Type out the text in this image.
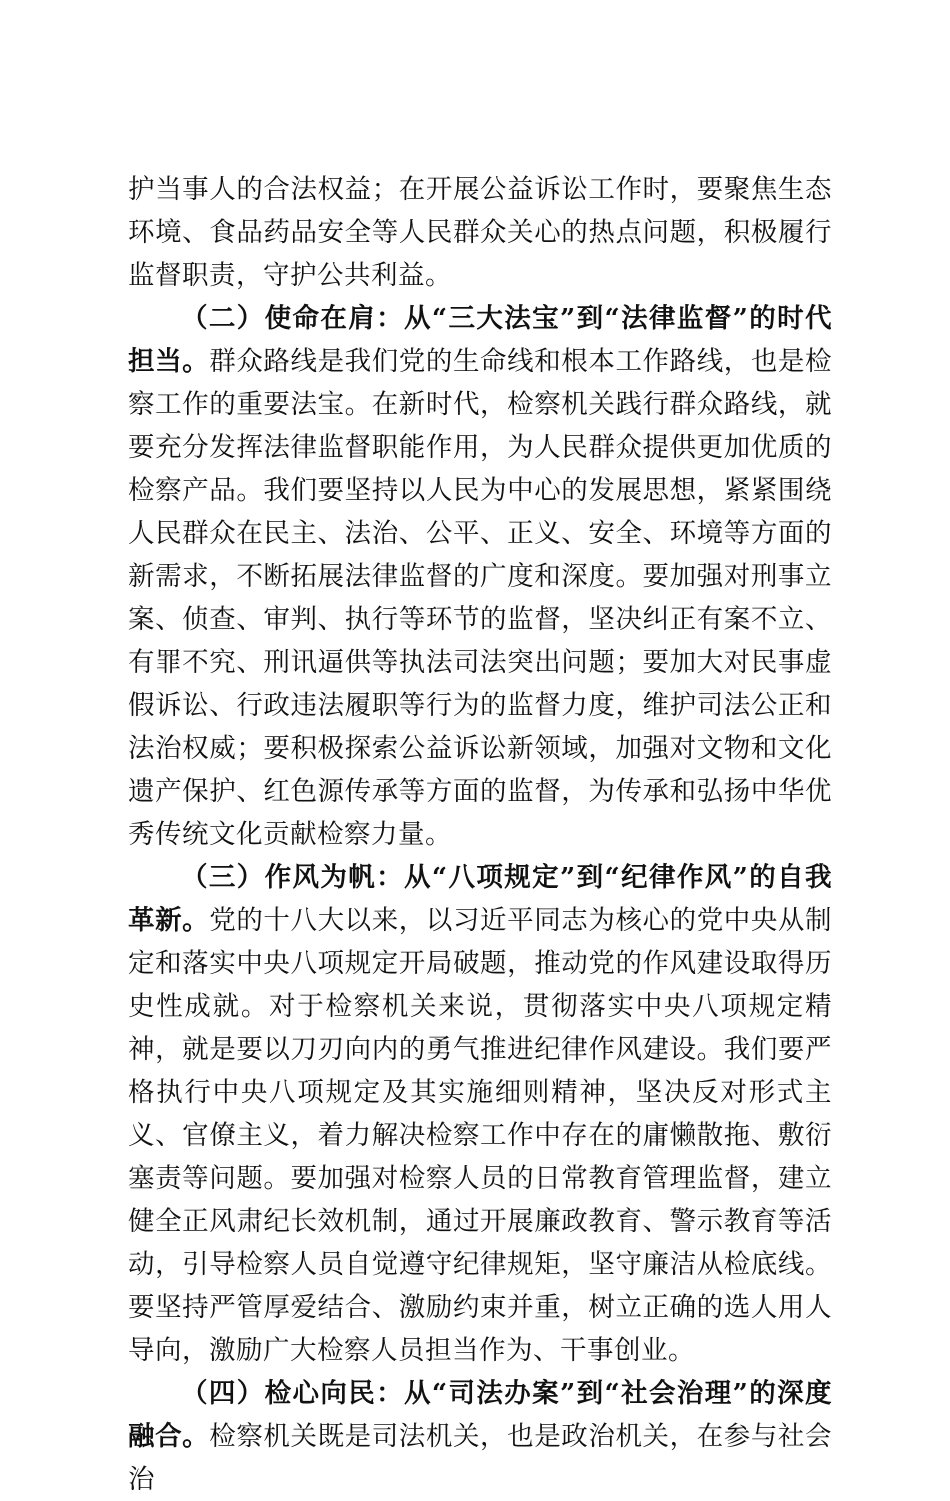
护当事人的合法权益；在开展公益诉讼工作时，要聚焦生态环境、食品药品安全等人民群众关心的热点问题，积极履行监督职责，守护公共利益。

（二）使命在肩：从“三大法宝”到“法律监督”的时代担当。群众路线是我们党的生命线和根本工作路线，也是检察工作的重要法宝。在新时代，检察机关践行群众路线，就要充分发挥法律监督职能作用，为人民群众提供更加优质的检察产品。我们要坚持以人民为中心的发展思想，紧紧围绕人民群众在民主、法治、公平、正义、安全、环境等方面的新需求，不断拓展法律监督的广度和深度。要加强对刑事立案、侦查、审判、执行等环节的监督，坚决纠正有案不立、有罪不究、刑讯逼供等执法司法突出问题；要加大对民事虚假诉讼、行政违法履职等行为的监督力度，维护司法公正和法治权威；要积极探索公益诉讼新领域，加强对文物和文化遗产保护、红色源传承等方面的监督，为传承和弘扬中华优秀传统文化贡献检察力量。

（三）作风为帆：从“八项规定”到“纪律作风”的自我革新。党的十八大以来，以习近平同志为核心的党中央从制定和落实中央八项规定开局破题，推动党的作风建设取得历史性成就。对于检察机关来说，贯彻落实中央八项规定精神，就是要以刀刃向内的勇气推进纪律作风建设。我们要严格执行中央八项规定及其实施细则精神，坚决反对形式主义、官僚主义，着力解决检察工作中存在的庸懒散拖、敷衍塞责等问题。要加强对检察人员的日常教育管理监督，建立健全正风肃纪长效机制，通过开展廉政教育、警示教育等活动，引导检察人员自觉遵守纪律规矩，坚守廉洁从检底线。要坚持严管厚爱结合、激励约束并重，树立正确的选人用人导向，激励广大检察人员担当作为、干事创业。

（四）检心向民：从“司法办案”到“社会治理”的深度融合。检察机关既是司法机关，也是政治机关，在参与社会治
